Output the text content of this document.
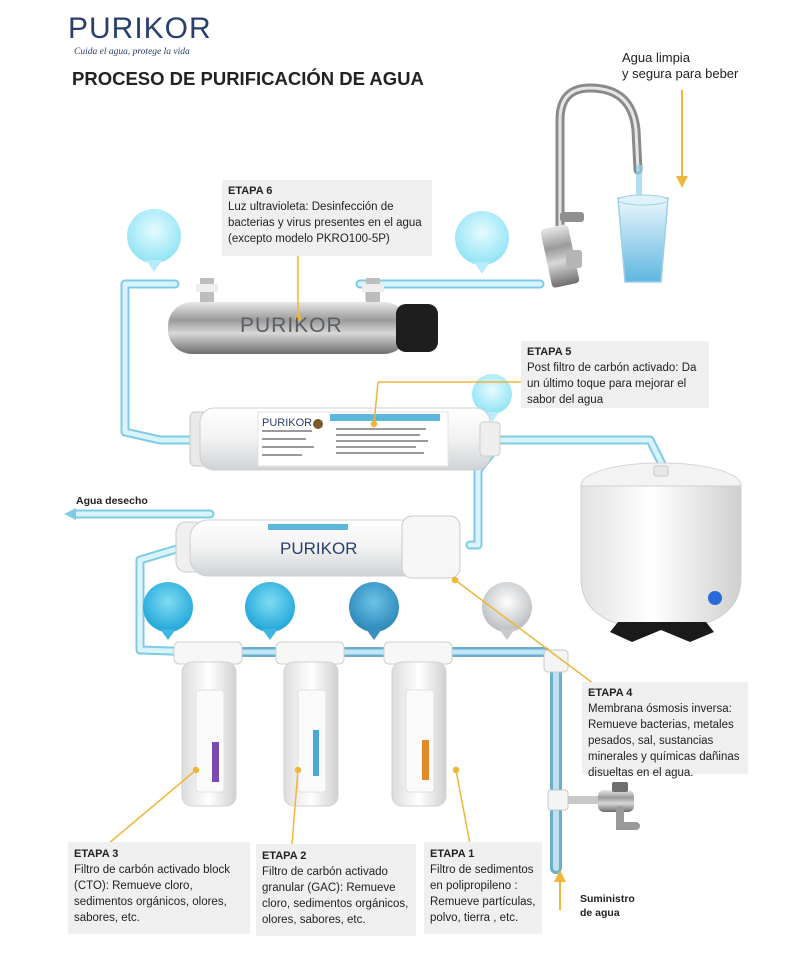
PURIKOR
PURIKOR
PURIKOR
PURIKOR
Cuida el agua, protege la vida
PROCESO DE PURIFICACIÓN DE AGUA
Agua limpia
y segura para beber
Agua desecho
Suministro
de agua
ETAPA 6
Luz ultravioleta: Desinfección de bacterias y virus presentes en el agua (excepto modelo PKRO100-5P)
ETAPA 5
Post filtro de carbón activado: Da un último toque para mejorar el sabor del agua
ETAPA 4
Membrana ósmosis inversa: Remueve bacterias, metales pesados, sal, sustancias minerales y químicas dañinas disueltas en el agua.
ETAPA 3
Filtro de carbón activado block (CTO): Remueve cloro, sedimentos orgánicos, olores, sabores, etc.
ETAPA 2
Filtro de carbón activado granular (GAC): Remueve cloro, sedimentos orgánicos, olores, sabores, etc.
ETAPA 1
Filtro de sedimentos en polipropileno : Remueve partículas, polvo, tierra , etc.
